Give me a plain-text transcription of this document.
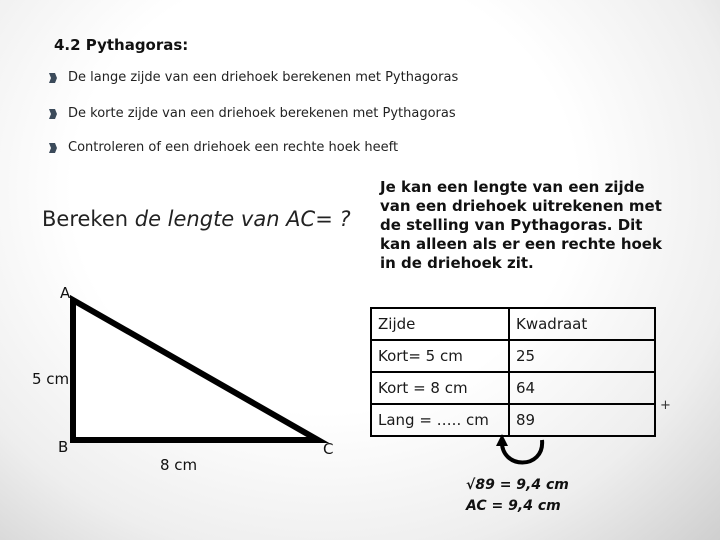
4.2 Pythagoras:
De lange zijde van een driehoek berekenen met Pythagoras
De korte zijde van een driehoek berekenen met Pythagoras
Controleren of een driehoek een rechte hoek heeft
Bereken de lengte van AC= ?
Je kan een lengte van een zijde van een driehoek uitrekenen met de stelling van Pythagoras. Dit kan alleen als er een rechte hoek in de driehoek zit.
A
5 cm
B
8 cm
C
Zijde	Kwadraat
Kort= 5 cm	25
Kort = 8 cm	64
Lang = ….. cm	89
+
√89 = 9,4 cm
AC = 9,4 cm
